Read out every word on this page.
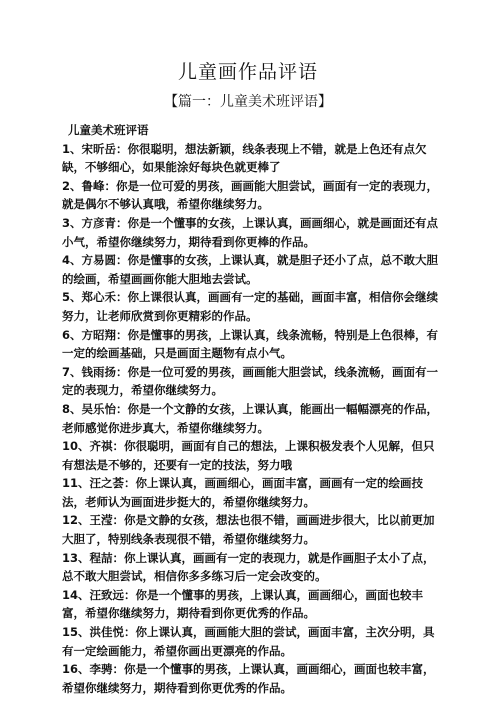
儿童画作品评语
【篇一：儿童美术班评语】

儿童美术班评语

1、宋昕岳：你很聪明，想法新颖，线条表现上不错，就是上色还有点欠缺，不够细心，如果能涂好每块色就更棒了

2、鲁峰：你是一位可爱的男孩，画画能大胆尝试，画面有一定的表现力，就是偶尔不够认真哦，希望你继续努力。

3、方彦青：你是一个懂事的女孩，上课认真，画画细心，就是画面还有点小气，希望你继续努力，期待看到你更棒的作品。

4、方易圆：你是懂事的女孩，上课认真，就是胆子还小了点，总不敢大胆的绘画，希望画画你能大胆地去尝试。

5、郑心禾：你上课很认真，画画有一定的基础，画面丰富，相信你会继续努力，让老师欣赏到你更精彩的作品。

6、方昭翔：你是懂事的男孩，上课认真，线条流畅，特别是上色很棒，有一定的绘画基础，只是画面主题物有点小气。

7、钱雨扬：你是一位可爱的男孩，画画能大胆尝试，线条流畅，画面有一定的表现力，希望你继续努力。

8、吴乐怡：你是一个文静的女孩，上课认真，能画出一幅幅漂亮的作品，老师感觉你进步真大，希望你继续努力。

10、齐祺：你很聪明，画面有自己的想法，上课积极发表个人见解，但只有想法是不够的，还要有一定的技法，努力哦

11、汪之荟：你上课认真，画画细心，画面丰富，画画有一定的绘画技法，老师认为画面进步挺大的，希望你继续努力。

12、王滢：你是文静的女孩，想法也很不错，画画进步很大，比以前更加大胆了，特别线条表现很不错，希望你继续努力。

13、程喆：你上课认真，画画有一定的表现力，就是作画胆子太小了点，总不敢大胆尝试，相信你多多练习后一定会改变的。

14、汪致远：你是一个懂事的男孩，上课认真，画画细心，画面也较丰富，希望你继续努力，期待看到你更优秀的作品。

15、洪佳悦：你上课认真，画画能大胆的尝试，画面丰富，主次分明，具有一定绘画能力，希望你画出更漂亮的作品。

16、李骋：你是一个懂事的男孩，上课认真，画画细心，画面也较丰富，希望你继续努力，期待看到你更优秀的作品。
